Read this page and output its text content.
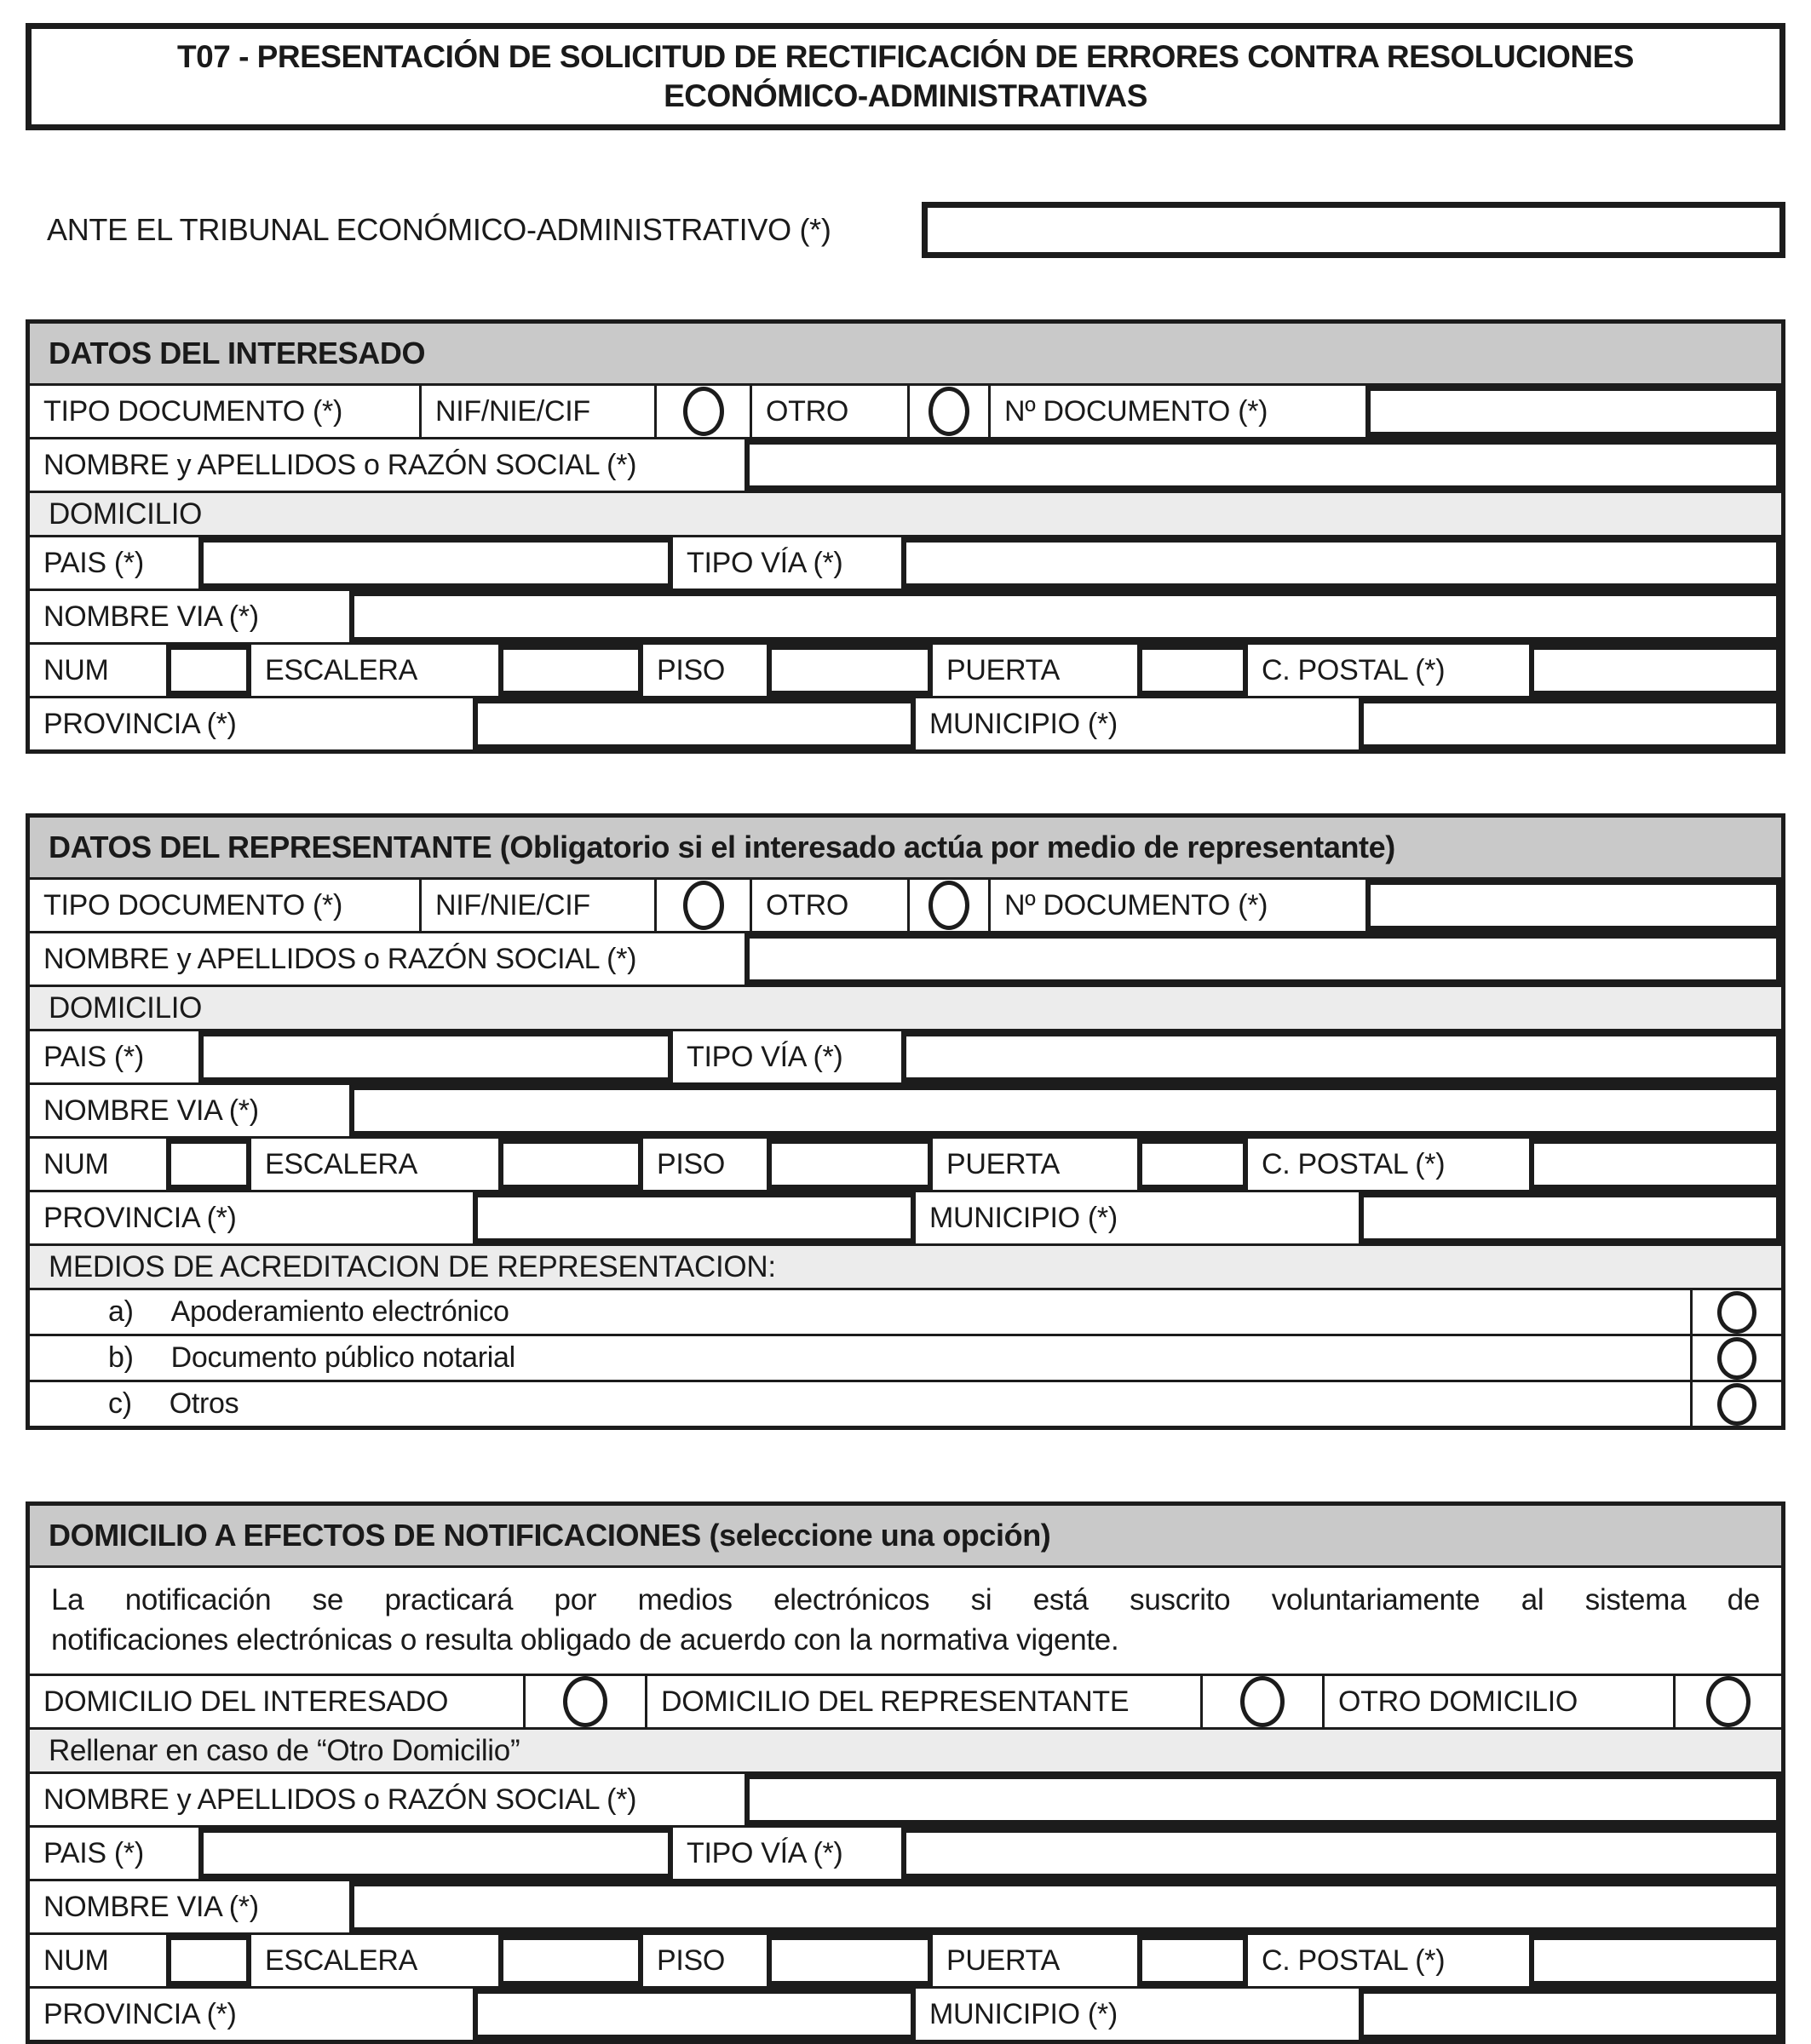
T07 - PRESENTACIÓN DE SOLICITUD DE RECTIFICACIÓN DE ERRORES CONTRA RESOLUCIONES
ECONÓMICO-ADMINISTRATIVAS
ANTE EL TRIBUNAL ECONÓMICO-ADMINISTRATIVO (*)
DATOS DEL INTERESADO
TIPO DOCUMENTO (*)	NIF/NIE/CIF	OTRO	Nº DOCUMENTO (*)
NOMBRE y APELLIDOS o RAZÓN SOCIAL (*)
DOMICILIO
PAIS (*)	TIPO VÍA (*)
NOMBRE VIA (*)
NUM	ESCALERA	PISO	PUERTA	C. POSTAL (*)
PROVINCIA (*)	MUNICIPIO (*)
DATOS DEL REPRESENTANTE (Obligatorio si el interesado actúa por medio de representante)
TIPO DOCUMENTO (*)	NIF/NIE/CIF	OTRO	Nº DOCUMENTO (*)
NOMBRE y APELLIDOS o RAZÓN SOCIAL (*)
DOMICILIO
PAIS (*)	TIPO VÍA (*)
NOMBRE VIA (*)
NUM	ESCALERA	PISO	PUERTA	C. POSTAL (*)
PROVINCIA (*)	MUNICIPIO (*)
MEDIOS DE ACREDITACION DE REPRESENTACION:
a) Apoderamiento electrónico
b) Documento público notarial
c) Otros
DOMICILIO A EFECTOS DE NOTIFICACIONES (seleccione una opción)
La notificación se practicará por medios electrónicos si está suscrito voluntariamente al sistema de
notificaciones electrónicas o resulta obligado de acuerdo con la normativa vigente.
DOMICILIO DEL INTERESADO	DOMICILIO DEL REPRESENTANTE	OTRO DOMICILIO
Rellenar en caso de “Otro Domicilio”
NOMBRE y APELLIDOS o RAZÓN SOCIAL (*)
PAIS (*)	TIPO VÍA (*)
NOMBRE VIA (*)
NUM	ESCALERA	PISO	PUERTA	C. POSTAL (*)
PROVINCIA (*)	MUNICIPIO (*)
